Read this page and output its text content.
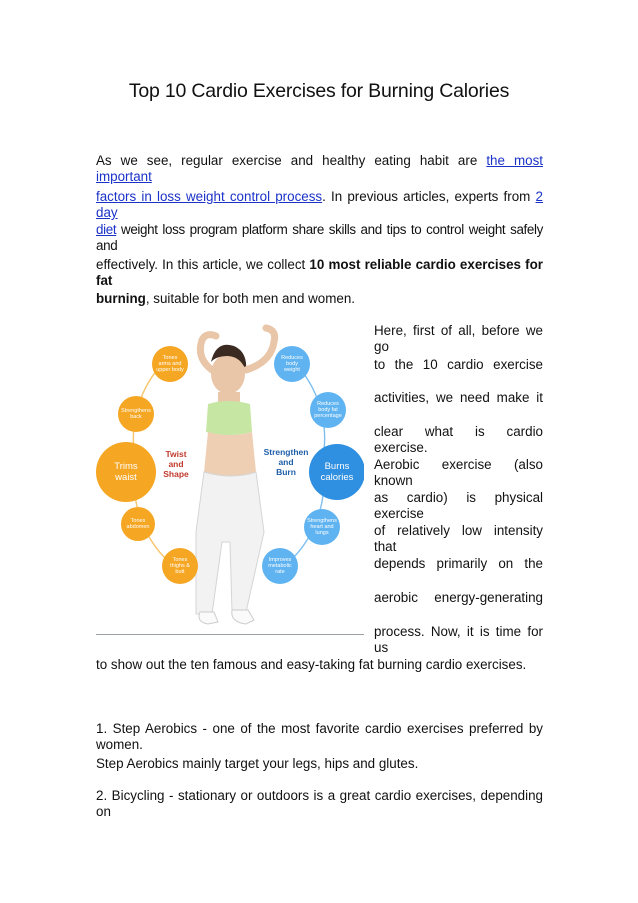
Top 10 Cardio Exercises for Burning Calories

As we see, regular exercise and healthy eating habit are the most important

factors in loss weight control process. In previous articles, experts from 2 day

diet weight loss program platform share skills and tips to control weight safely and

effectively. In this article, we collect 10 most reliable cardio exercises for fat

burning, suitable for both men and women.

Tones arms and upper body
Strengthens back
Tones abdomen
Tones thighs & butt
Trims waist
Twist and Shape
Reduces body weight
Reduces body fat percentage
Strengthens heart and lungs
Improves metabolic rate
Burns calories
Strengthen and Burn
Here, first of all, before we go
to the 10 cardio exercise
activities, we need make it
clear what is cardio exercise.
Aerobic exercise (also known
as cardio) is physical exercise
of relatively low intensity that
depends primarily on the
aerobic energy-generating
process. Now, it is time for us

to show out the ten famous and easy-taking fat burning cardio exercises.

1. Step Aerobics - one of the most favorite cardio exercises preferred by women.

Step Aerobics mainly target your legs, hips and glutes.

2. Bicycling - stationary or outdoors is a great cardio exercises, depending on
